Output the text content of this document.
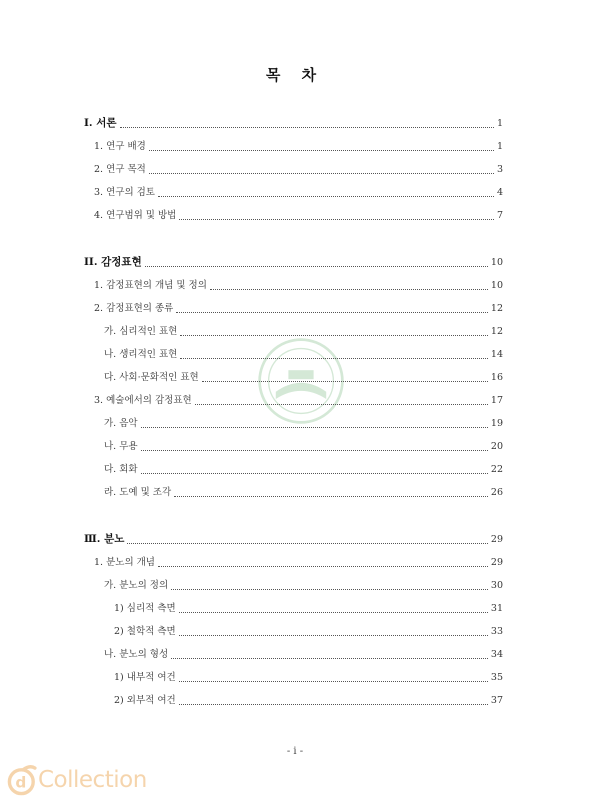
목 차
I. 서론	1
1. 연구 배경	1
2. 연구 목적	3
3. 연구의 검토	4
4. 연구범위 및 방법	7
II. 감정표현	10
1. 감정표현의 개념 및 정의	10
2. 감정표현의 종류	12
가. 심리적인 표현	12
나. 생리적인 표현	14
다. 사회·문화적인 표현	16
3. 예술에서의 감정표현	17
가. 음악	19
나. 무용	20
다. 회화	22
라. 도예 및 조각	26
Ⅲ. 분노	29
1. 분노의 개념	29
가. 분노의 정의	30
1) 심리적 측면	31
2) 철학적 측면	33
나. 분노의 형성	34
1) 내부적 여건	35
2) 외부적 여건	37
- i -
d Collection
